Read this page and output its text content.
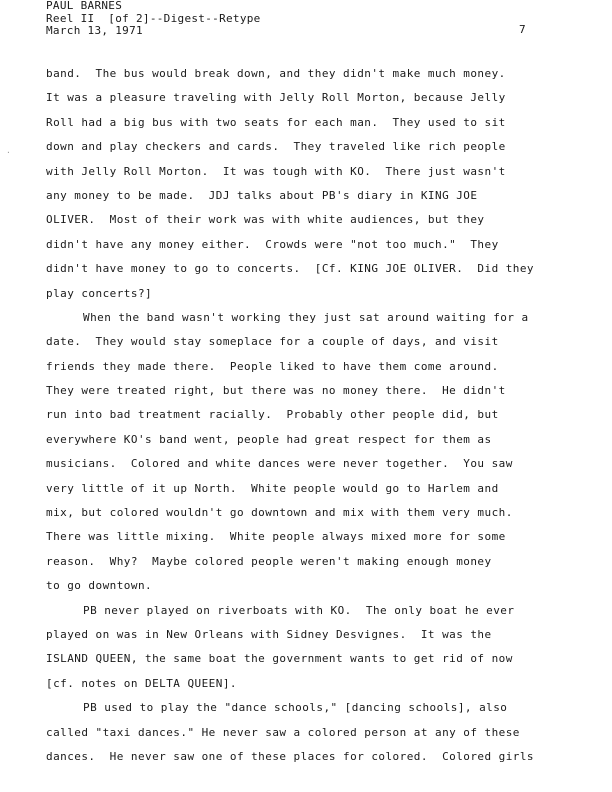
PAUL BARNES
Reel II  [of 2]--Digest--Retype
March 13, 1971	7
·
band.  The bus would break down, and they didn't make much money.
It was a pleasure traveling with Jelly Roll Morton, because Jelly
Roll had a big bus with two seats for each man.  They used to sit
down and play checkers and cards.  They traveled like rich people
with Jelly Roll Morton.  It was tough with KO.  There just wasn't
any money to be made.  JDJ talks about PB's diary in KING JOE
OLIVER.  Most of their work was with white audiences, but they
didn't have any money either.  Crowds were "not too much."  They
didn't have money to go to concerts.  [Cf. KING JOE OLIVER.  Did they
play concerts?]
When the band wasn't working they just sat around waiting for a
date.  They would stay someplace for a couple of days, and visit
friends they made there.  People liked to have them come around.
They were treated right, but there was no money there.  He didn't
run into bad treatment racially.  Probably other people did, but
everywhere KO's band went, people had great respect for them as
musicians.  Colored and white dances were never together.  You saw
very little of it up North.  White people would go to Harlem and
mix, but colored wouldn't go downtown and mix with them very much.
There was little mixing.  White people always mixed more for some
reason.  Why?  Maybe colored people weren't making enough money
to go downtown.
PB never played on riverboats with KO.  The only boat he ever
played on was in New Orleans with Sidney Desvignes.  It was the
ISLAND QUEEN, the same boat the government wants to get rid of now
[cf. notes on DELTA QUEEN].
PB used to play the "dance schools," [dancing schools], also
called "taxi dances." He never saw a colored person at any of these
dances.  He never saw one of these places for colored.  Colored girls
